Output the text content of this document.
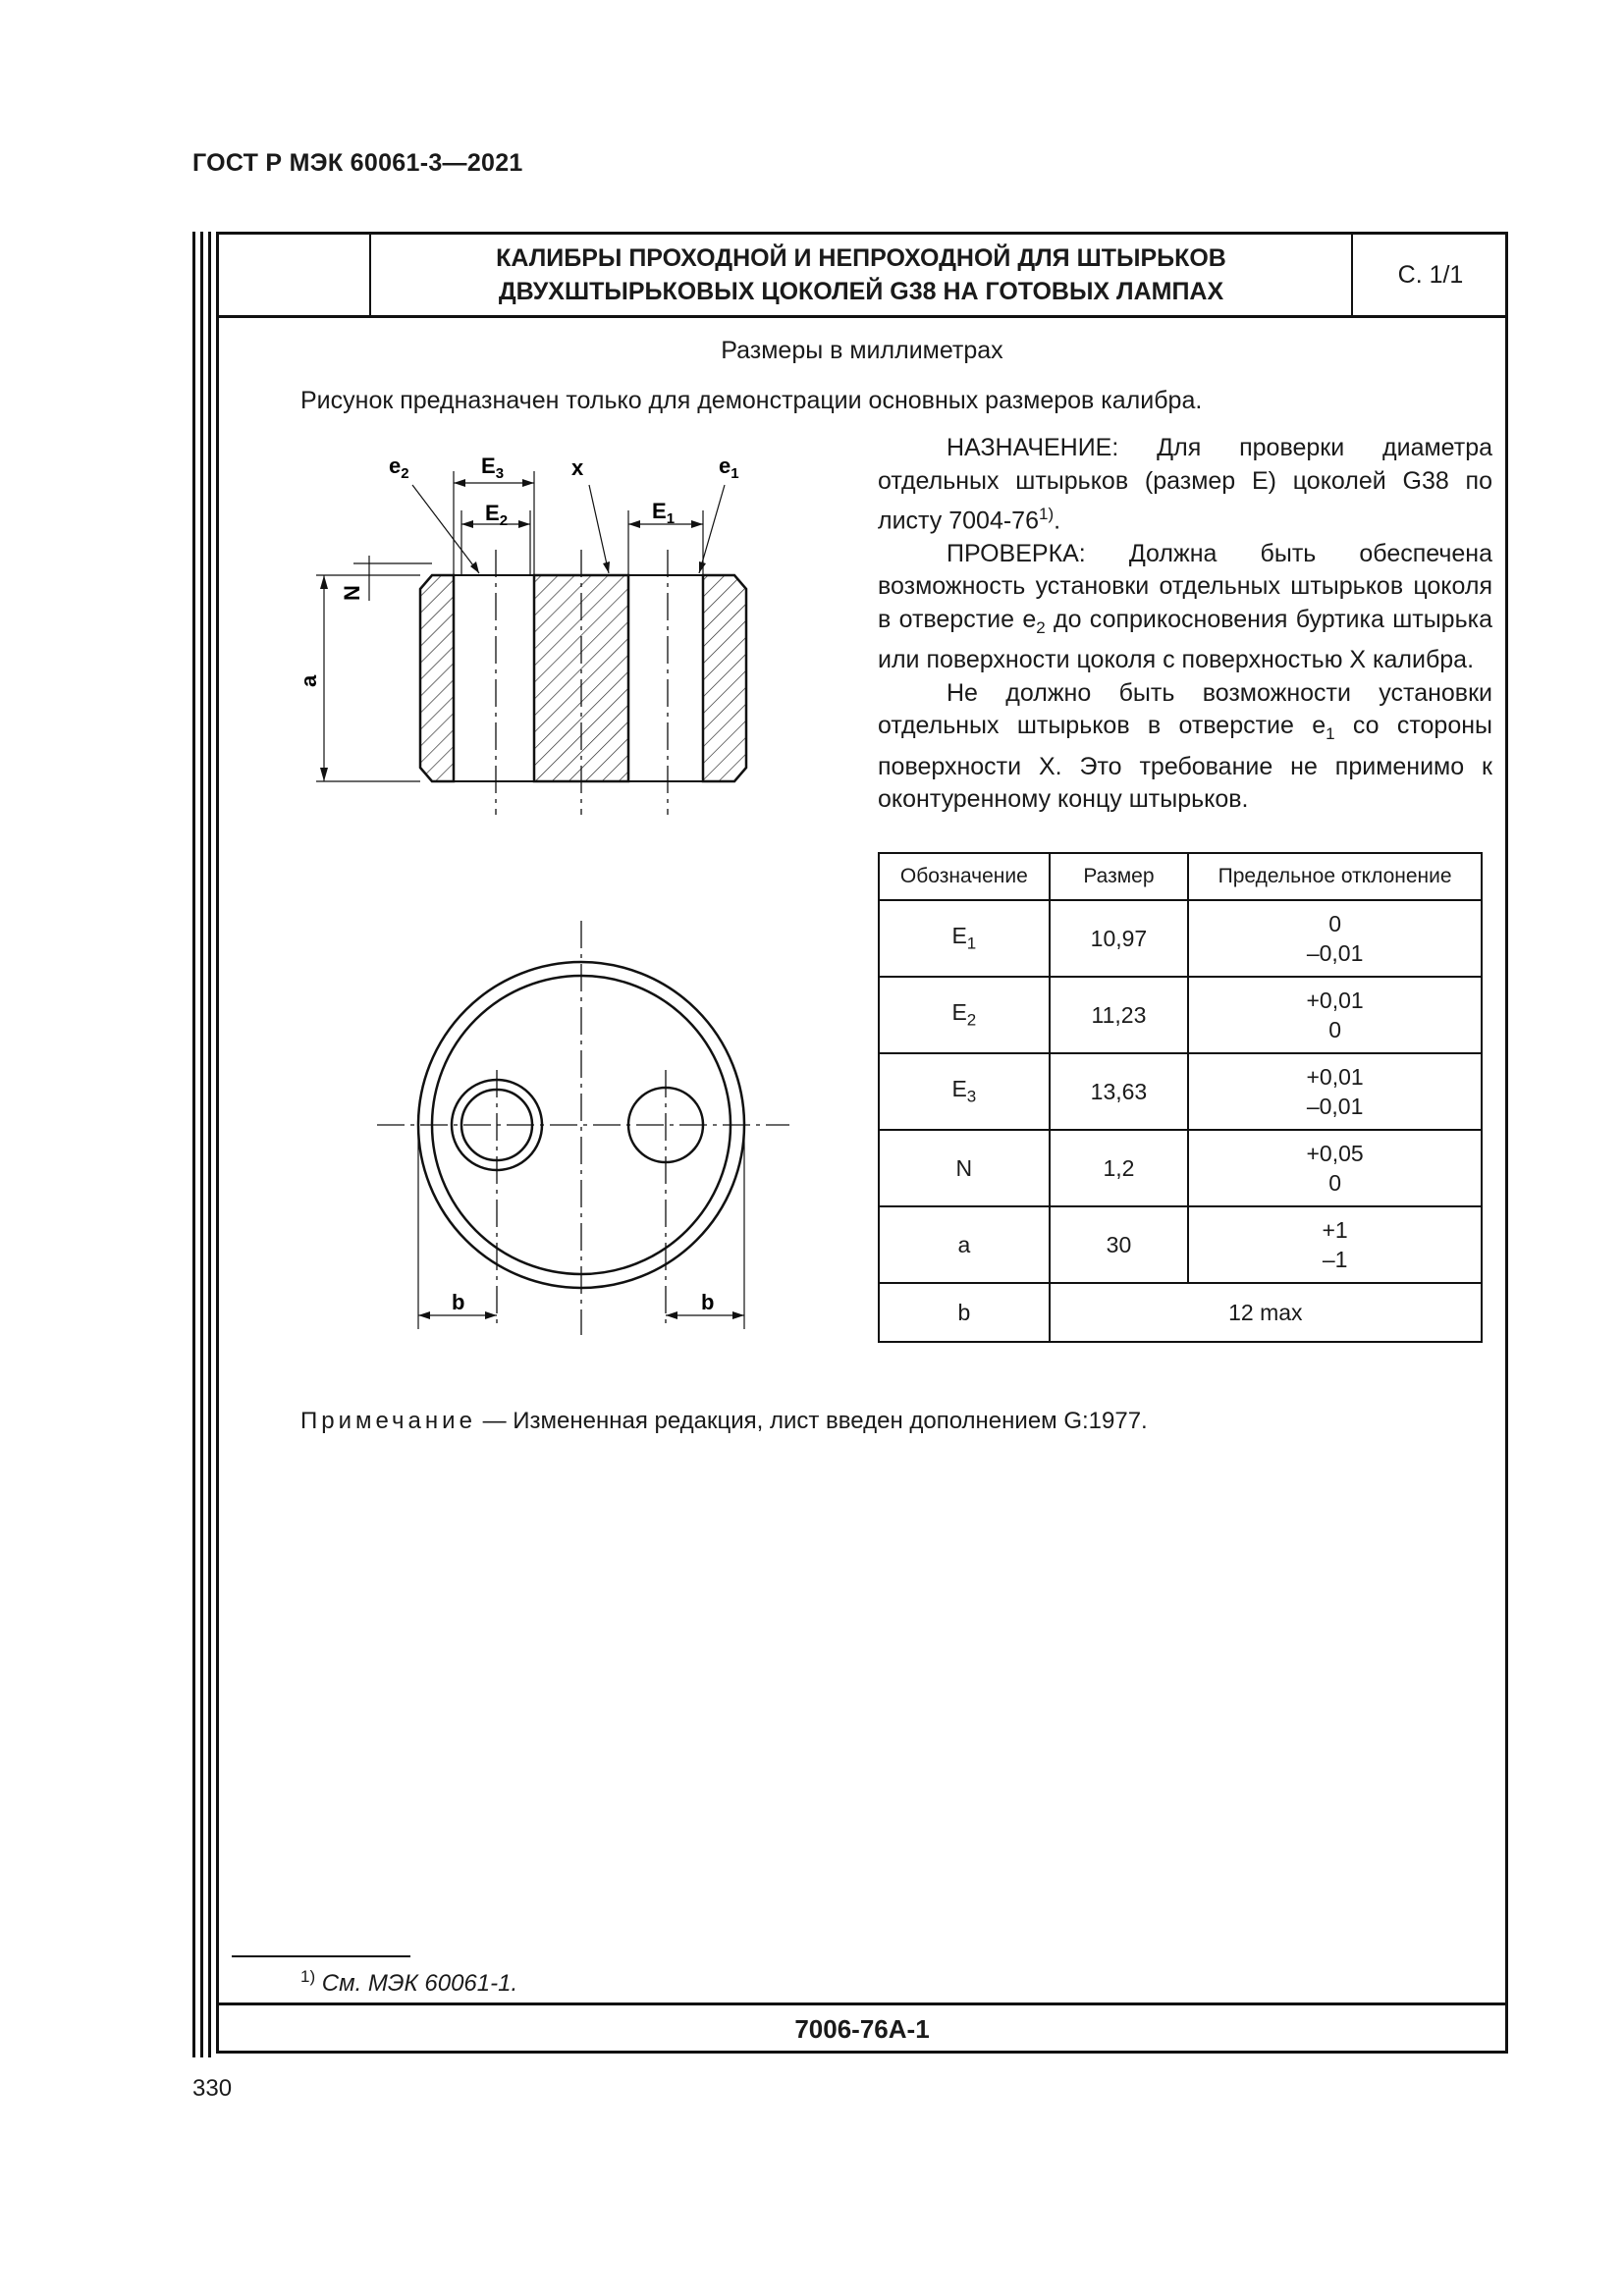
ГОСТ Р МЭК 60061-3—2021
КАЛИБРЫ ПРОХОДНОЙ И НЕПРОХОДНОЙ ДЛЯ ШТЫРЬКОВ
ДВУХШТЫРЬКОВЫХ ЦОКОЛЕЙ G38 НА ГОТОВЫХ ЛАМПАХ
С. 1/1
Размеры в миллиметрах
Рисунок предназначен только для демонстрации основных размеров калибра.
$e_2$	$E_3$	x	$e_1$
$E_2$	$E_1$
N
a
b	b

НАЗНАЧЕНИЕ: Для проверки диаметра отдельных штырьков (размер Е) цоколей G38 по листу 7004-76$^{1)}$.

ПРОВЕРКА: Должна быть обеспечена возможность установки отдельных штырьков цоколя в отверстие $е_2$ до соприкосновения буртика штырька или поверхности цоколя с поверхностью X калибра.

Не должно быть возможности установки отдельных штырьков в отверстие $е_1$ со стороны поверхности X. Это требование не применимо к оконтуренному концу штырьков.

Обозначение	Размер	Предельное отклонение
$E_1$	10,97	0
–0,01

$E_2$	11,23	+0,01
0

$E_3$	13,63	+0,01
–0,01

N	1,2	+0,05
0

a	30	+1
–1

b	12 max	
Примечание — Измененная редакция, лист введен дополнением G:1977.
$^{1)}$ См. МЭК 60061-1.
7006-76A-1
330
